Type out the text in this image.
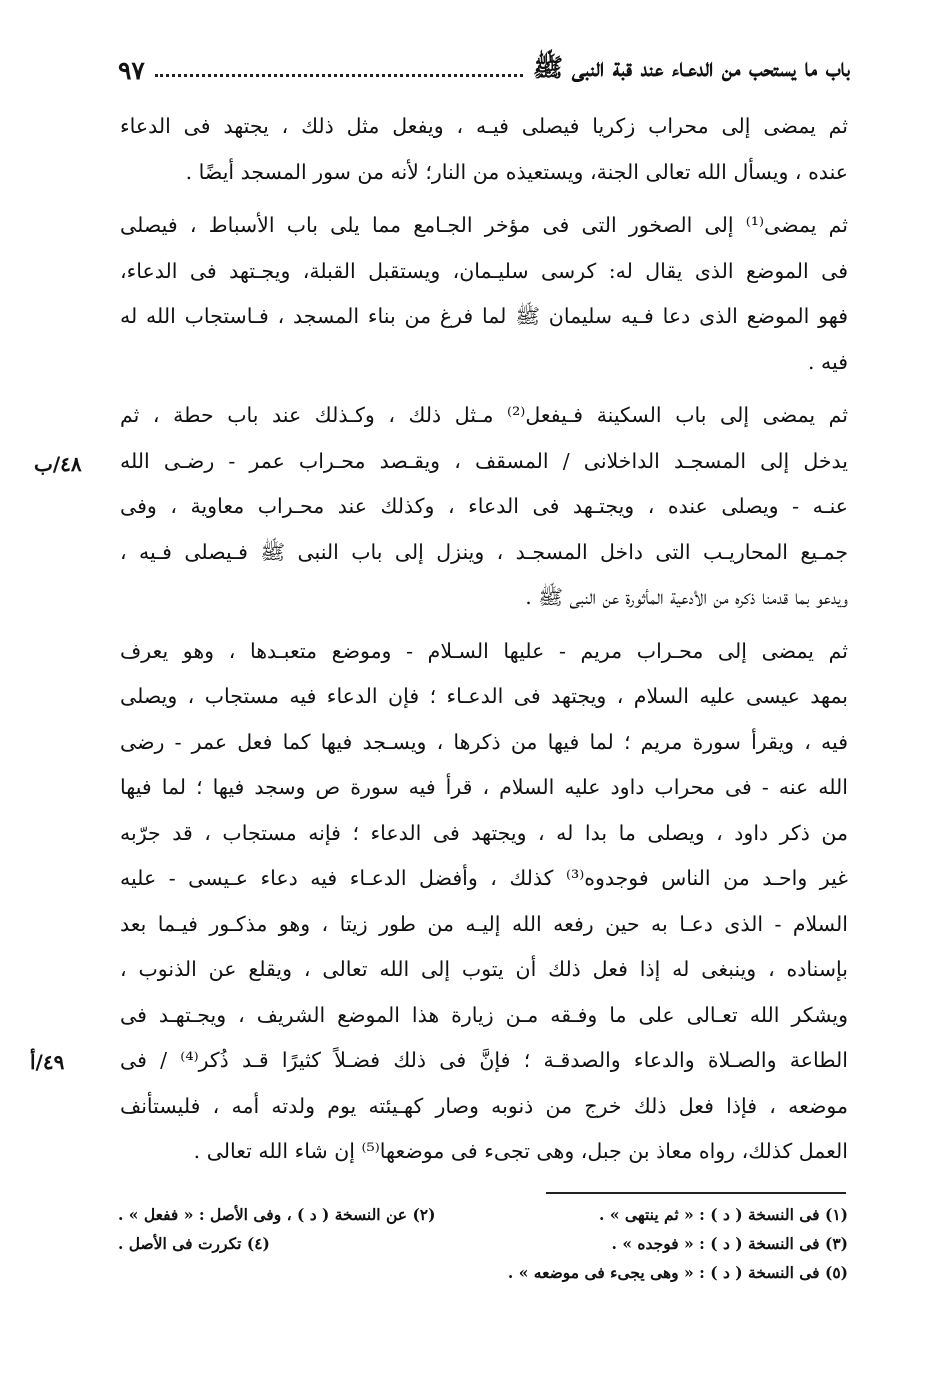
باب ما يستحب من الدعـاء عند قبة النبى ﷺ
٩٧
ثم يمضى إلى محراب زكريا فيصلى فيـه ، ويفعل مثل ذلك ، يجتهد فى الدعاء
عنده ، ويسأل الله تعالى الجنة، ويستعيذه من النار؛ لأنه من سور المسجد أيضًا .
ثم يمضى⁽¹⁾ إلى الصخور التى فى مؤخر الجـامع مما يلى باب الأسباط ، فيصلى
فى الموضع الذى يقال له: كرسى سليـمان، ويستقبل القبلة، ويجـتهد فى الدعاء،
فهو الموضع الذى دعا فـيه سليمان ﷺ لما فرغ من بناء المسجد ، فـاستجاب الله له
فيه .
ثم يمضى إلى باب السكينة فـيفعل⁽²⁾ مـثل ذلك ، وكـذلك عند باب حطة ، ثم
يدخل إلى المسجـد الداخلانى / المسقف ، ويقـصد محـراب عمر - رضـى الله
عنـه - ويصلى عنده ، ويجتـهد فى الدعاء ، وكذلك عند محـراب معاوية ، وفى
جمـيع المحاريـب التى داخل المسجـد ، وينزل إلى باب النبى ﷺ فـيصلى فـيه ،
ويدعو بما قدمنا ذكره من الأدعية المأثورة عن النبى ﷺ .
ثم يمضى إلى محـراب مريم - عليها السـلام - وموضع متعبـدها ، وهو يعرف
بمهد عيسى عليه السلام ، ويجتهد فى الدعـاء ؛ فإن الدعاء فيه مستجاب ، ويصلى
فيه ، ويقرأ سورة مريم ؛ لما فيها من ذكرها ، ويسـجد فيها كما فعل عمر - رضى
الله عنه - فى محراب داود عليه السلام ، قرأ فيه سورة ص وسجد فيها ؛ لما فيها
من ذكر داود ، ويصلى ما بدا له ، ويجتهد فى الدعاء ؛ فإنه مستجاب ، قد جرّبه
غير واحـد من الناس فوجدوه⁽³⁾ كذلك ، وأفضل الدعـاء فيه دعاء عـيسى - عليه
السلام - الذى دعـا به حين رفعه الله إليـه من طور زيتا ، وهو مذكـور فيـما بعد
بإسناده ، وينبغى له إذا فعل ذلك أن يتوب إلى الله تعالى ، ويقلع عن الذنوب ،
ويشكر الله تعـالى على ما وفـقه مـن زيارة هذا الموضع الشريف ، ويجـتهـد فى
الطاعة والصـلاة والدعاء والصدقـة ؛ فإنَّ فى ذلك فضـلاً كثيرًا قـد ذُكر⁽⁴⁾ / فى
موضعه ، فإذا فعل ذلك خرج من ذنوبه وصار كهـيئته يوم ولدته أمه ، فليستأنف
العمل كذلك، رواه معاذ بن جبل، وهى تجىء فى موضعها⁽⁵⁾ إن شاء الله تعالى .
٤٨/ب
٤٩/أ
(١) فى النسخة ( د ) : « ثم ينتهى » .
(٢) عن النسخة ( د ) ، وفى الأصل : « ففعل » .
(٣) فى النسخة ( د ) : « فوجده » .
(٤) تكررت فى الأصل .
(٥) فى النسخة ( د ) : « وهى يجىء فى موضعه » .
